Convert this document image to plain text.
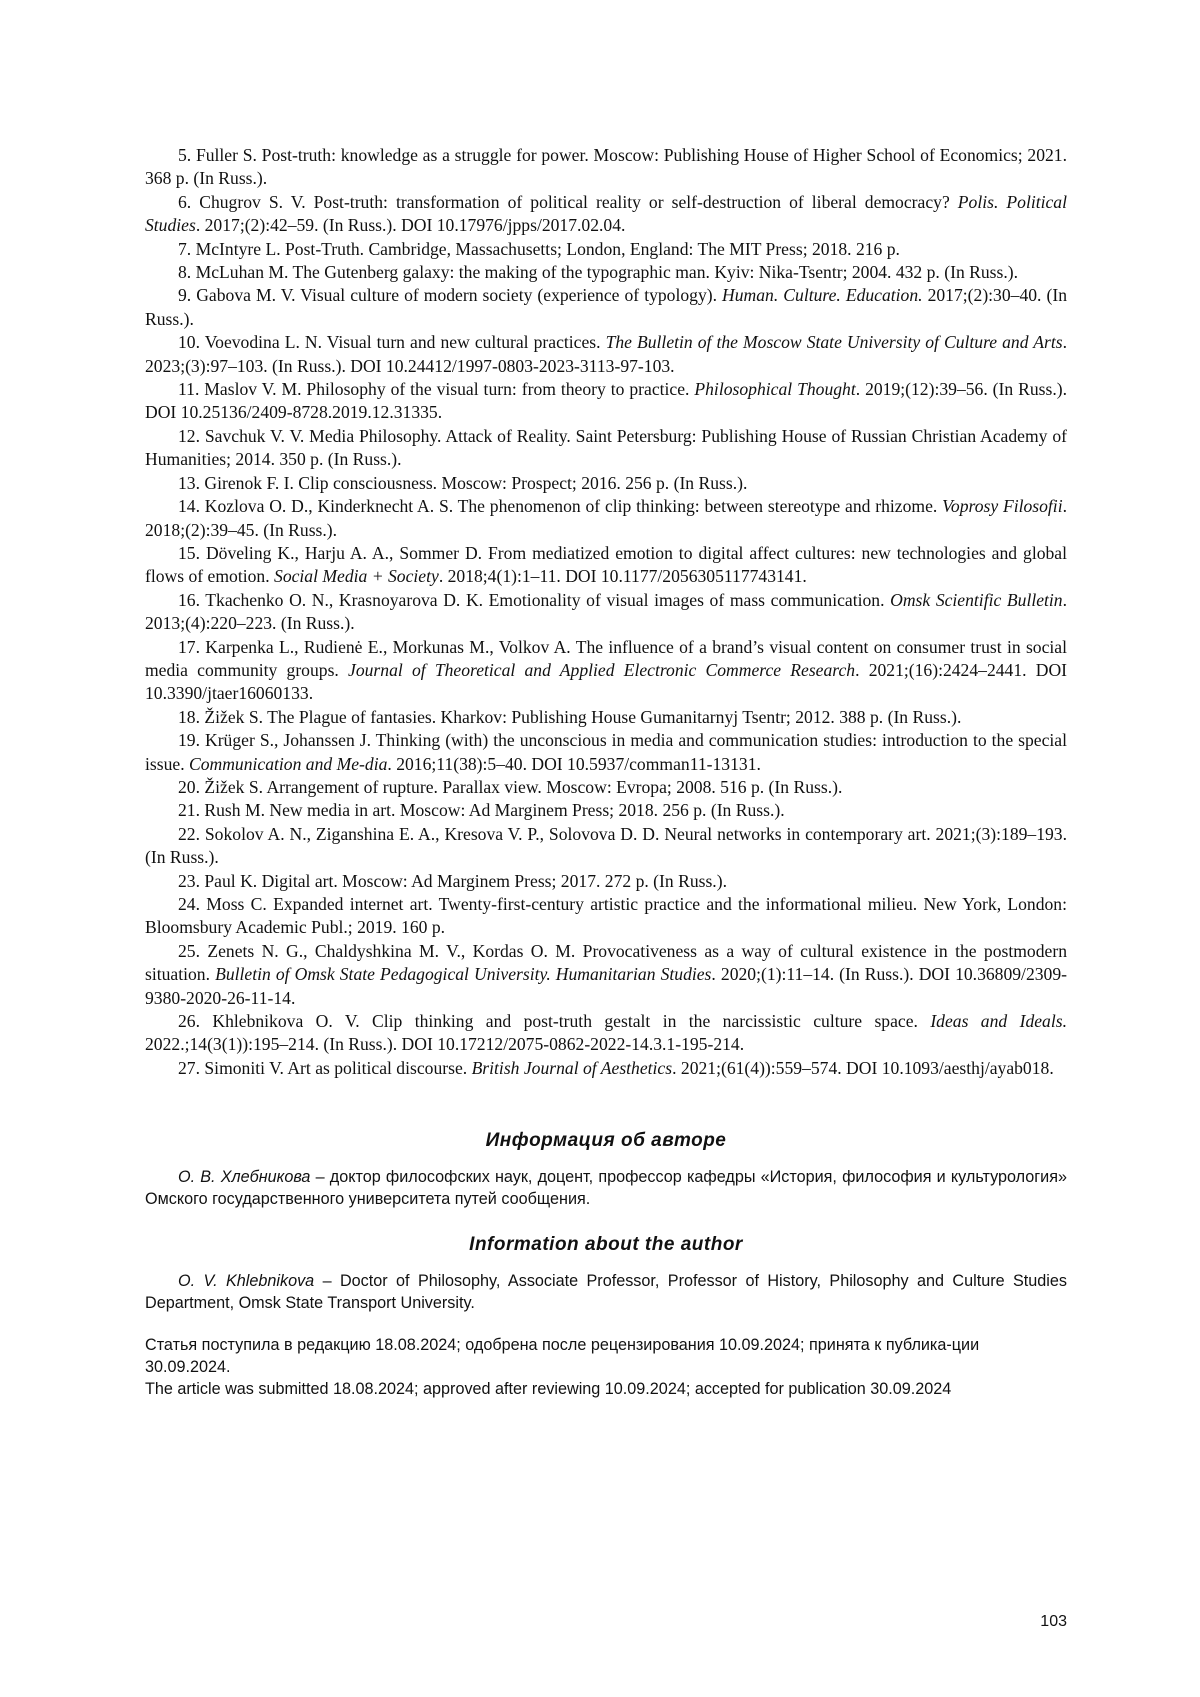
5. Fuller S. Post-truth: knowledge as a struggle for power. Moscow: Publishing House of Higher School of Economics; 2021. 368 p. (In Russ.).

6. Chugrov S. V. Post-truth: transformation of political reality or self-destruction of liberal democracy? Polis. Political Studies. 2017;(2):42–59. (In Russ.). DOI 10.17976/jpps/2017.02.04.

7. McIntyre L. Post-Truth. Cambridge, Massachusetts; London, England: The MIT Press; 2018. 216 p.

8. McLuhan M. The Gutenberg galaxy: the making of the typographic man. Kyiv: Nika-Tsentr; 2004. 432 p. (In Russ.).

9. Gabova M. V. Visual culture of modern society (experience of typology). Human. Culture. Education. 2017;(2):30–40. (In Russ.).

10. Voevodina L. N. Visual turn and new cultural practices. The Bulletin of the Moscow State University of Culture and Arts. 2023;(3):97–103. (In Russ.). DOI 10.24412/1997-0803-2023-3113-97-103.

11. Maslov V. M. Philosophy of the visual turn: from theory to practice. Philosophical Thought. 2019;(12):39–56. (In Russ.). DOI 10.25136/2409-8728.2019.12.31335.

12. Savchuk V. V. Media Philosophy. Attack of Reality. Saint Petersburg: Publishing House of Russian Christian Academy of Humanities; 2014. 350 p. (In Russ.).

13. Girenok F. I. Clip consciousness. Moscow: Prospect; 2016. 256 p. (In Russ.).

14. Kozlova O. D., Kinderknecht A. S. The phenomenon of clip thinking: between stereotype and rhizome. Voprosy Filosofii. 2018;(2):39–45. (In Russ.).

15. Döveling K., Harju A. A., Sommer D. From mediatized emotion to digital affect cultures: new technologies and global flows of emotion. Social Media + Society. 2018;4(1):1–11. DOI 10.1177/2056305117743141.

16. Tkachenko O. N., Krasnoyarova D. K. Emotionality of visual images of mass communication. Omsk Scientific Bulletin. 2013;(4):220–223. (In Russ.).

17. Karpenka L., Rudienė E., Morkunas M., Volkov A. The influence of a brand’s visual content on consumer trust in social media community groups. Journal of Theoretical and Applied Electronic Commerce Research. 2021;(16):2424–2441. DOI 10.3390/jtaer16060133.

18. Žižek S. The Plague of fantasies. Kharkov: Publishing House Gumanitarnyj Tsentr; 2012. 388 p. (In Russ.).

19. Krüger S., Johanssen J. Thinking (with) the unconscious in media and communication studies: introduction to the special issue. Communication and Me-dia. 2016;11(38):5–40. DOI 10.5937/comman11-13131.

20. Žižek S. Arrangement of rupture. Parallax view. Moscow: Evropa; 2008. 516 p. (In Russ.).

21. Rush M. New media in art. Moscow: Ad Marginem Press; 2018. 256 p. (In Russ.).

22. Sokolov A. N., Ziganshina E. A., Kresova V. P., Solovova D. D. Neural networks in contemporary art. 2021;(3):189–193. (In Russ.).

23. Paul K. Digital art. Moscow: Ad Marginem Press; 2017. 272 p. (In Russ.).

24. Moss C. Expanded internet art. Twenty-first-century artistic practice and the informational milieu. New York, London: Bloomsbury Academic Publ.; 2019. 160 p.

25. Zenets N. G., Chaldyshkina M. V., Kordas O. M. Provocativeness as a way of cultural existence in the postmodern situation. Bulletin of Omsk State Pedagogical University. Humanitarian Studies. 2020;(1):11–14. (In Russ.). DOI 10.36809/2309-9380-2020-26-11-14.

26. Khlebnikova O. V. Clip thinking and post-truth gestalt in the narcissistic culture space. Ideas and Ideals. 2022.;14(3(1)):195–214. (In Russ.). DOI 10.17212/2075-0862-2022-14.3.1-195-214.

27. Simoniti V. Art as political discourse. British Journal of Aesthetics. 2021;(61(4)):559–574. DOI 10.1093/aesthj/ayab018.

Информация об авторе

О. В. Хлебникова – доктор философских наук, доцент, профессор кафедры «История, философия и культурология» Омского государственного университета путей сообщения.

Information about the author

O. V. Khlebnikova – Doctor of Philosophy, Associate Professor, Professor of History, Philosophy and Culture Studies Department, Omsk State Transport University.

Статья поступила в редакцию 18.08.2024; одобрена после рецензирования 10.09.2024; принята к публика-ции 30.09.2024.

The article was submitted 18.08.2024; approved after reviewing 10.09.2024; accepted for publication 30.09.2024

103
